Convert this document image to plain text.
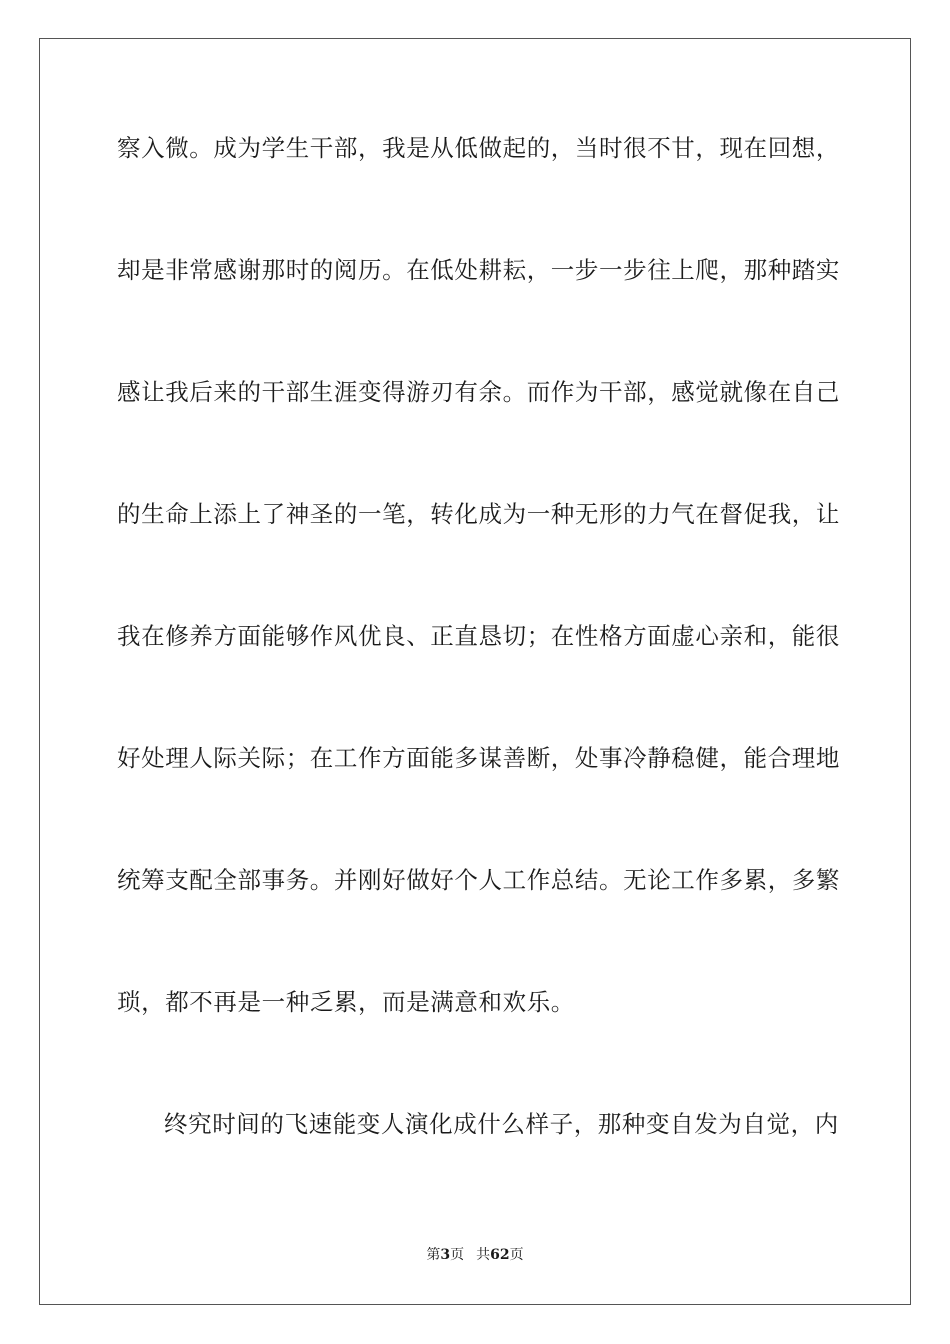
察入微。成为学生干部，我是从低做起的，当时很不甘，现在回想，
却是非常感谢那时的阅历。在低处耕耘，一步一步往上爬，那种踏实
感让我后来的干部生涯变得游刃有余。而作为干部，感觉就像在自己
的生命上添上了神圣的一笔，转化成为一种无形的力气在督促我，让
我在修养方面能够作风优良、正直恳切；在性格方面虚心亲和，能很
好处理人际关际；在工作方面能多谋善断，处事冷静稳健，能合理地
统筹支配全部事务。并刚好做好个人工作总结。无论工作多累，多繁
琐，都不再是一种乏累，而是满意和欢乐。
终究时间的飞速能变人演化成什么样子，那种变自发为自觉，内
第3页 共62页
